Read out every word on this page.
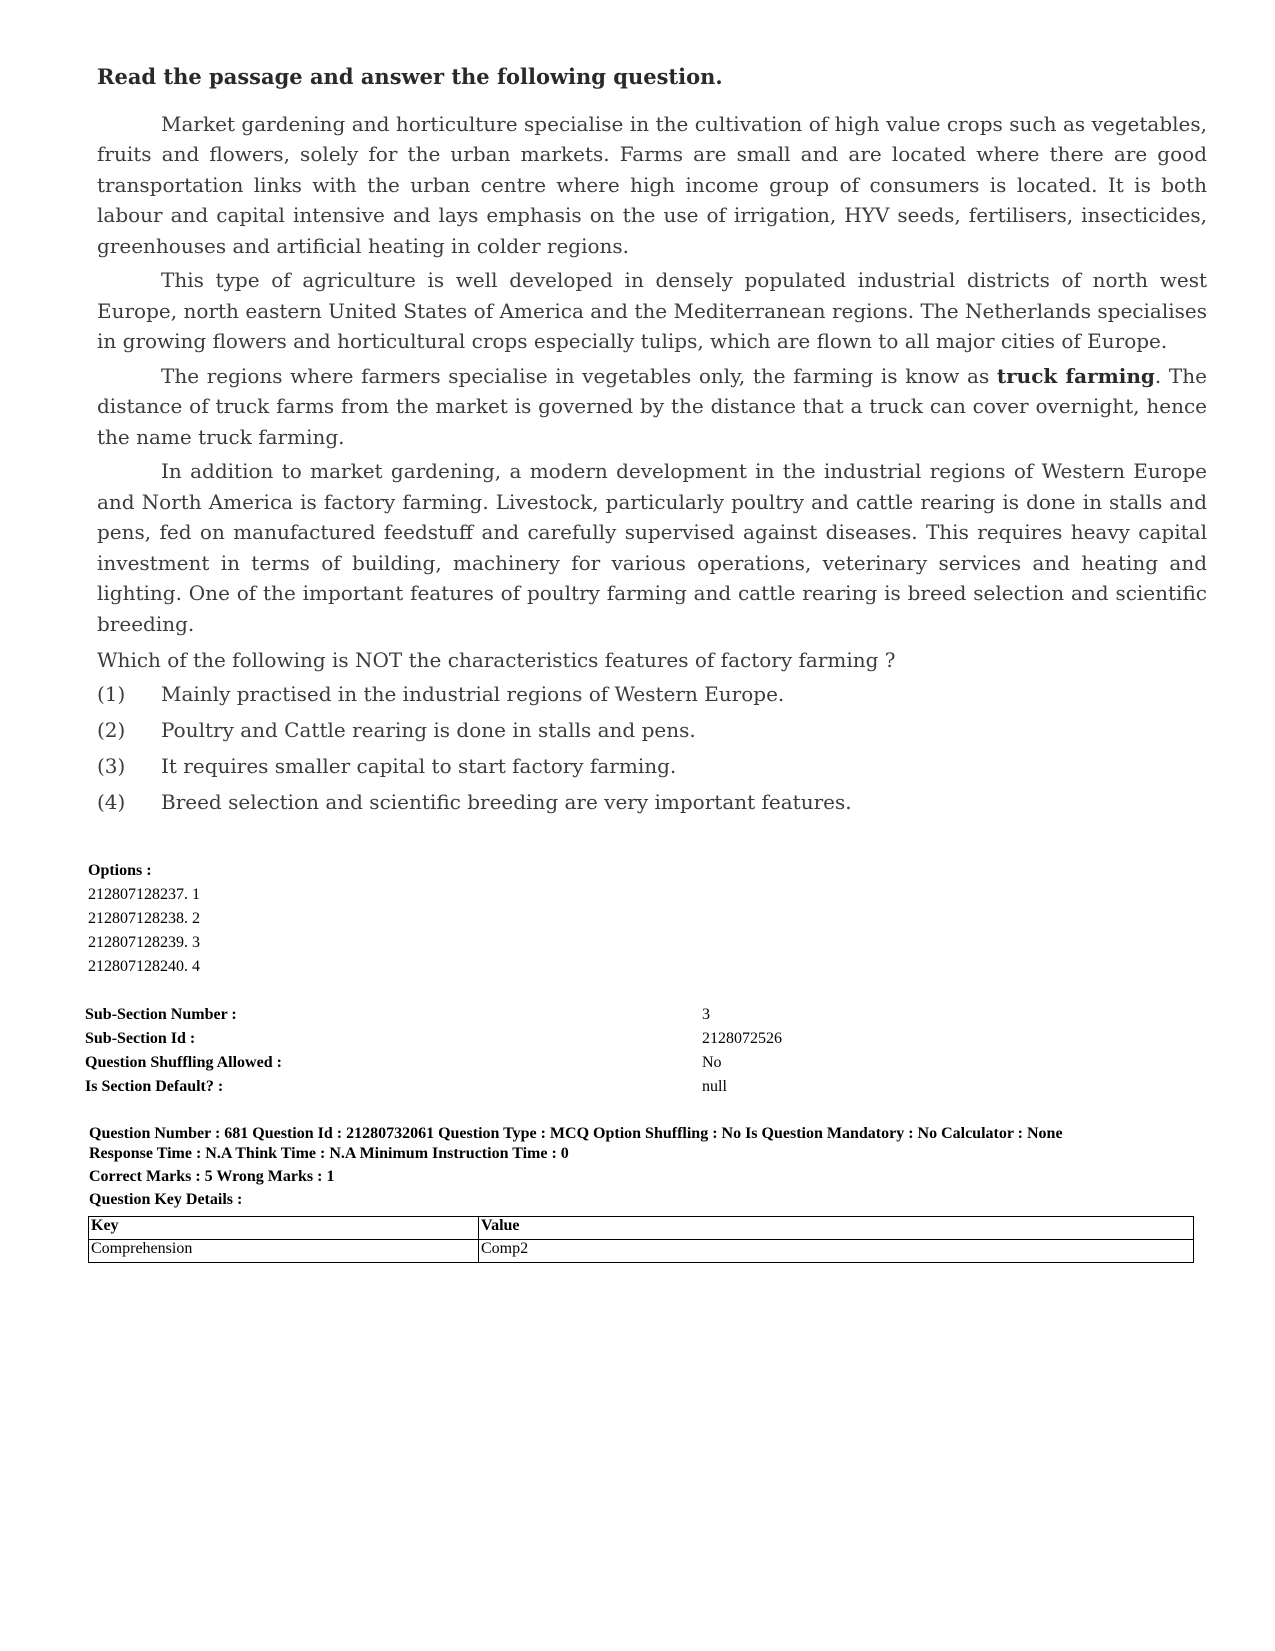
Read the passage and answer the following question.

Market gardening and horticulture specialise in the cultivation of high value crops such as vegetables, fruits and flowers, solely for the urban markets. Farms are small and are located where there are good transportation links with the urban centre where high income group of consumers is located. It is both labour and capital intensive and lays emphasis on the use of irrigation, HYV seeds, fertilisers, insecticides, greenhouses and artificial heating in colder regions.

This type of agriculture is well developed in densely populated industrial districts of north west Europe, north eastern United States of America and the Mediterranean regions. The Netherlands specialises in growing flowers and horticultural crops especially tulips, which are flown to all major cities of Europe.

The regions where farmers specialise in vegetables only, the farming is know as truck farming. The distance of truck farms from the market is governed by the distance that a truck can cover overnight, hence the name truck farming.

In addition to market gardening, a modern development in the industrial regions of Western Europe and North America is factory farming. Livestock, particularly poultry and cattle rearing is done in stalls and pens, fed on manufactured feedstuff and carefully supervised against diseases. This requires heavy capital investment in terms of building, machinery for various operations, veterinary services and heating and lighting. One of the important features of poultry farming and cattle rearing is breed selection and scientific breeding.

Which of the following is NOT the characteristics features of factory farming ?

(1)	Mainly practised in the industrial regions of Western Europe.
(2)	Poultry and Cattle rearing is done in stalls and pens.
(3)	It requires smaller capital to start factory farming.
(4)	Breed selection and scientific breeding are very important features.
Options :
212807128237. 1
212807128238. 2
212807128239. 3
212807128240. 4
Sub-Section Number :	3
Sub-Section Id :	2128072526
Question Shuffling Allowed :	No
Is Section Default? :	null
Question Number : 681 Question Id : 21280732061 Question Type : MCQ Option Shuffling : No Is Question Mandatory : No Calculator : None
Response Time : N.A Think Time : N.A Minimum Instruction Time : 0
Correct Marks : 5 Wrong Marks : 1
Question Key Details :
Key	Value
Comprehension	Comp2
